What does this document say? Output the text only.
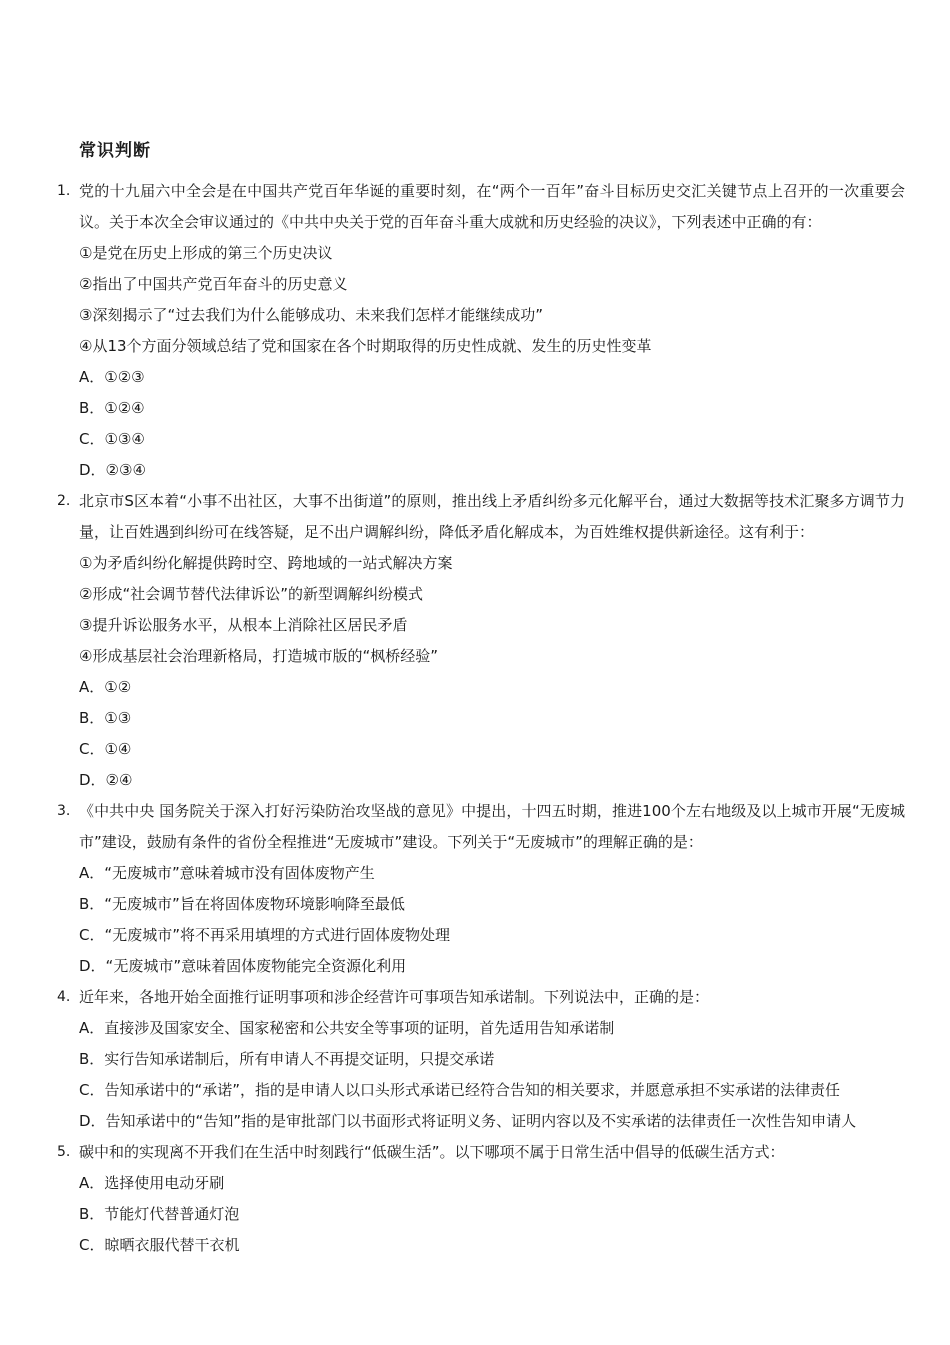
常识判断
1. 党的十九届六中全会是在中国共产党百年华诞的重要时刻，在“两个一百年”奋斗目标历史交汇关键节点上召开的一次重要会议。关于本次全会审议通过的《中共中央关于党的百年奋斗重大成就和历史经验的决议》，下列表述中正确的有：
①是党在历史上形成的第三个历史决议
②指出了中国共产党百年奋斗的历史意义
③深刻揭示了“过去我们为什么能够成功、未来我们怎样才能继续成功”
④从13个方面分领域总结了党和国家在各个时期取得的历史性成就、发生的历史性变革
A．①②③
B．①②④
C．①③④
D．②③④
2. 北京市S区本着“小事不出社区，大事不出街道”的原则，推出线上矛盾纠纷多元化解平台，通过大数据等技术汇聚多方调节力量，让百姓遇到纠纷可在线答疑，足不出户调解纠纷，降低矛盾化解成本，为百姓维权提供新途径。这有利于：
①为矛盾纠纷化解提供跨时空、跨地域的一站式解决方案
②形成“社会调节替代法律诉讼”的新型调解纠纷模式
③提升诉讼服务水平，从根本上消除社区居民矛盾
④形成基层社会治理新格局，打造城市版的“枫桥经验”
A．①②
B．①③
C．①④
D．②④
3. 《中共中央 国务院关于深入打好污染防治攻坚战的意见》中提出，十四五时期，推进100个左右地级及以上城市开展“无废城市”建设，鼓励有条件的省份全程推进“无废城市”建设。下列关于“无废城市”的理解正确的是：
A．“无废城市”意味着城市没有固体废物产生
B．“无废城市”旨在将固体废物环境影响降至最低
C．“无废城市”将不再采用填埋的方式进行固体废物处理
D．“无废城市”意味着固体废物能完全资源化利用
4. 近年来，各地开始全面推行证明事项和涉企经营许可事项告知承诺制。下列说法中，正确的是：
A．直接涉及国家安全、国家秘密和公共安全等事项的证明，首先适用告知承诺制
B．实行告知承诺制后，所有申请人不再提交证明，只提交承诺
C．告知承诺中的“承诺”，指的是申请人以口头形式承诺已经符合告知的相关要求，并愿意承担不实承诺的法律责任
D．告知承诺中的“告知”指的是审批部门以书面形式将证明义务、证明内容以及不实承诺的法律责任一次性告知申请人
5. 碳中和的实现离不开我们在生活中时刻践行“低碳生活”。以下哪项不属于日常生活中倡导的低碳生活方式：
A．选择使用电动牙刷
B．节能灯代替普通灯泡
C．晾晒衣服代替干衣机
